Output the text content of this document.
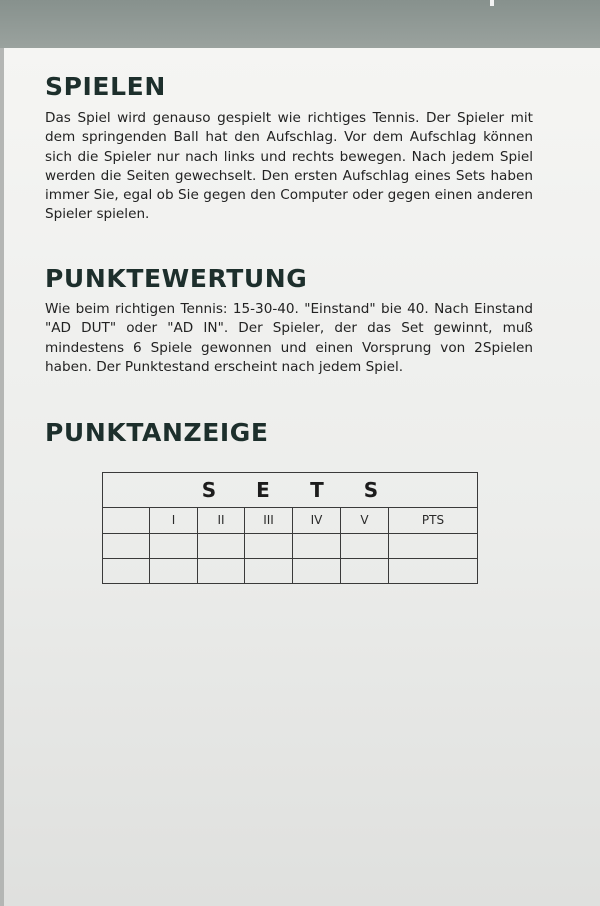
SPIELEN

Das Spiel wird genauso gespielt wie richtiges Tennis. Der Spieler mit dem springenden Ball hat den Aufschlag. Vor dem Aufschlag können sich die Spieler nur nach links und rechts bewegen. Nach jedem Spiel werden die Seiten gewechselt. Den ersten Aufschlag eines Sets haben immer Sie, egal ob Sie gegen den Computer oder gegen einen anderen Spieler spielen.

PUNKTEWERTUNG

Wie beim richtigen Tennis: 15-30-40. "Einstand" bie 40. Nach Einstand "AD DUT" oder "AD IN". Der Spieler, der das Set gewinnt, muß mindestens 6 Spiele gewonnen und einen Vorsprung von 2Spielen haben. Der Punktestand erscheint nach jedem Spiel.

PUNKTANZEIGE
S E T S						
	I	II	III	IV	V	PTS
